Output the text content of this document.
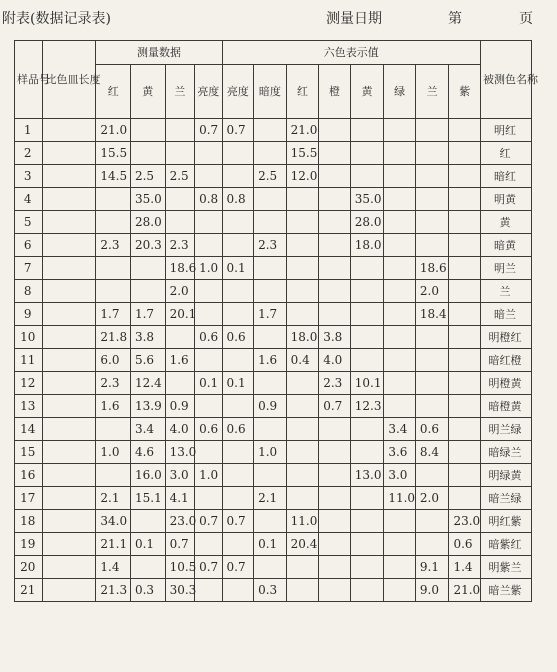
附表(数据记录表)	测量日期	第	页
样品号	比色皿长度	测量数据				六色表示值								被测色名称
		红	黄	兰	亮度	亮度	暗度	红	橙	黄	绿	兰	紫	
1		21.0			0.7	0.7		21.0						明红
2		15.5						15.5						红
3		14.5	2.5	2.5			2.5	12.0						暗红
4			35.0		0.8	0.8				35.0				明黄
5			28.0							28.0				黄
6		2.3	20.3	2.3			2.3			18.0				暗黄
7				18.6	1.0	0.1						18.6		明兰
8				2.0								2.0		兰
9		1.7	1.7	20.1			1.7					18.4		暗兰
10		21.8	3.8		0.6	0.6		18.0	3.8					明橙红
11		6.0	5.6	1.6			1.6	0.4	4.0					暗红橙
12		2.3	12.4		0.1	0.1			2.3	10.1				明橙黄
13		1.6	13.9	0.9			0.9		0.7	12.3				暗橙黄
14			3.4	4.0	0.6	0.6					3.4	0.6		明兰绿
15		1.0	4.6	13.0			1.0				3.6	8.4		暗绿兰
16			16.0	3.0	1.0					13.0	3.0			明绿黄
17		2.1	15.1	4.1			2.1				11.0	2.0		暗兰绿
18		34.0		23.0	0.7	0.7		11.0					23.0	明红紫
19		21.1	0.1	0.7			0.1	20.4					0.6	暗紫红
20		1.4		10.5	0.7	0.7						9.1	1.4	明紫兰
21		21.3	0.3	30.3			0.3					9.0	21.0	暗兰紫
